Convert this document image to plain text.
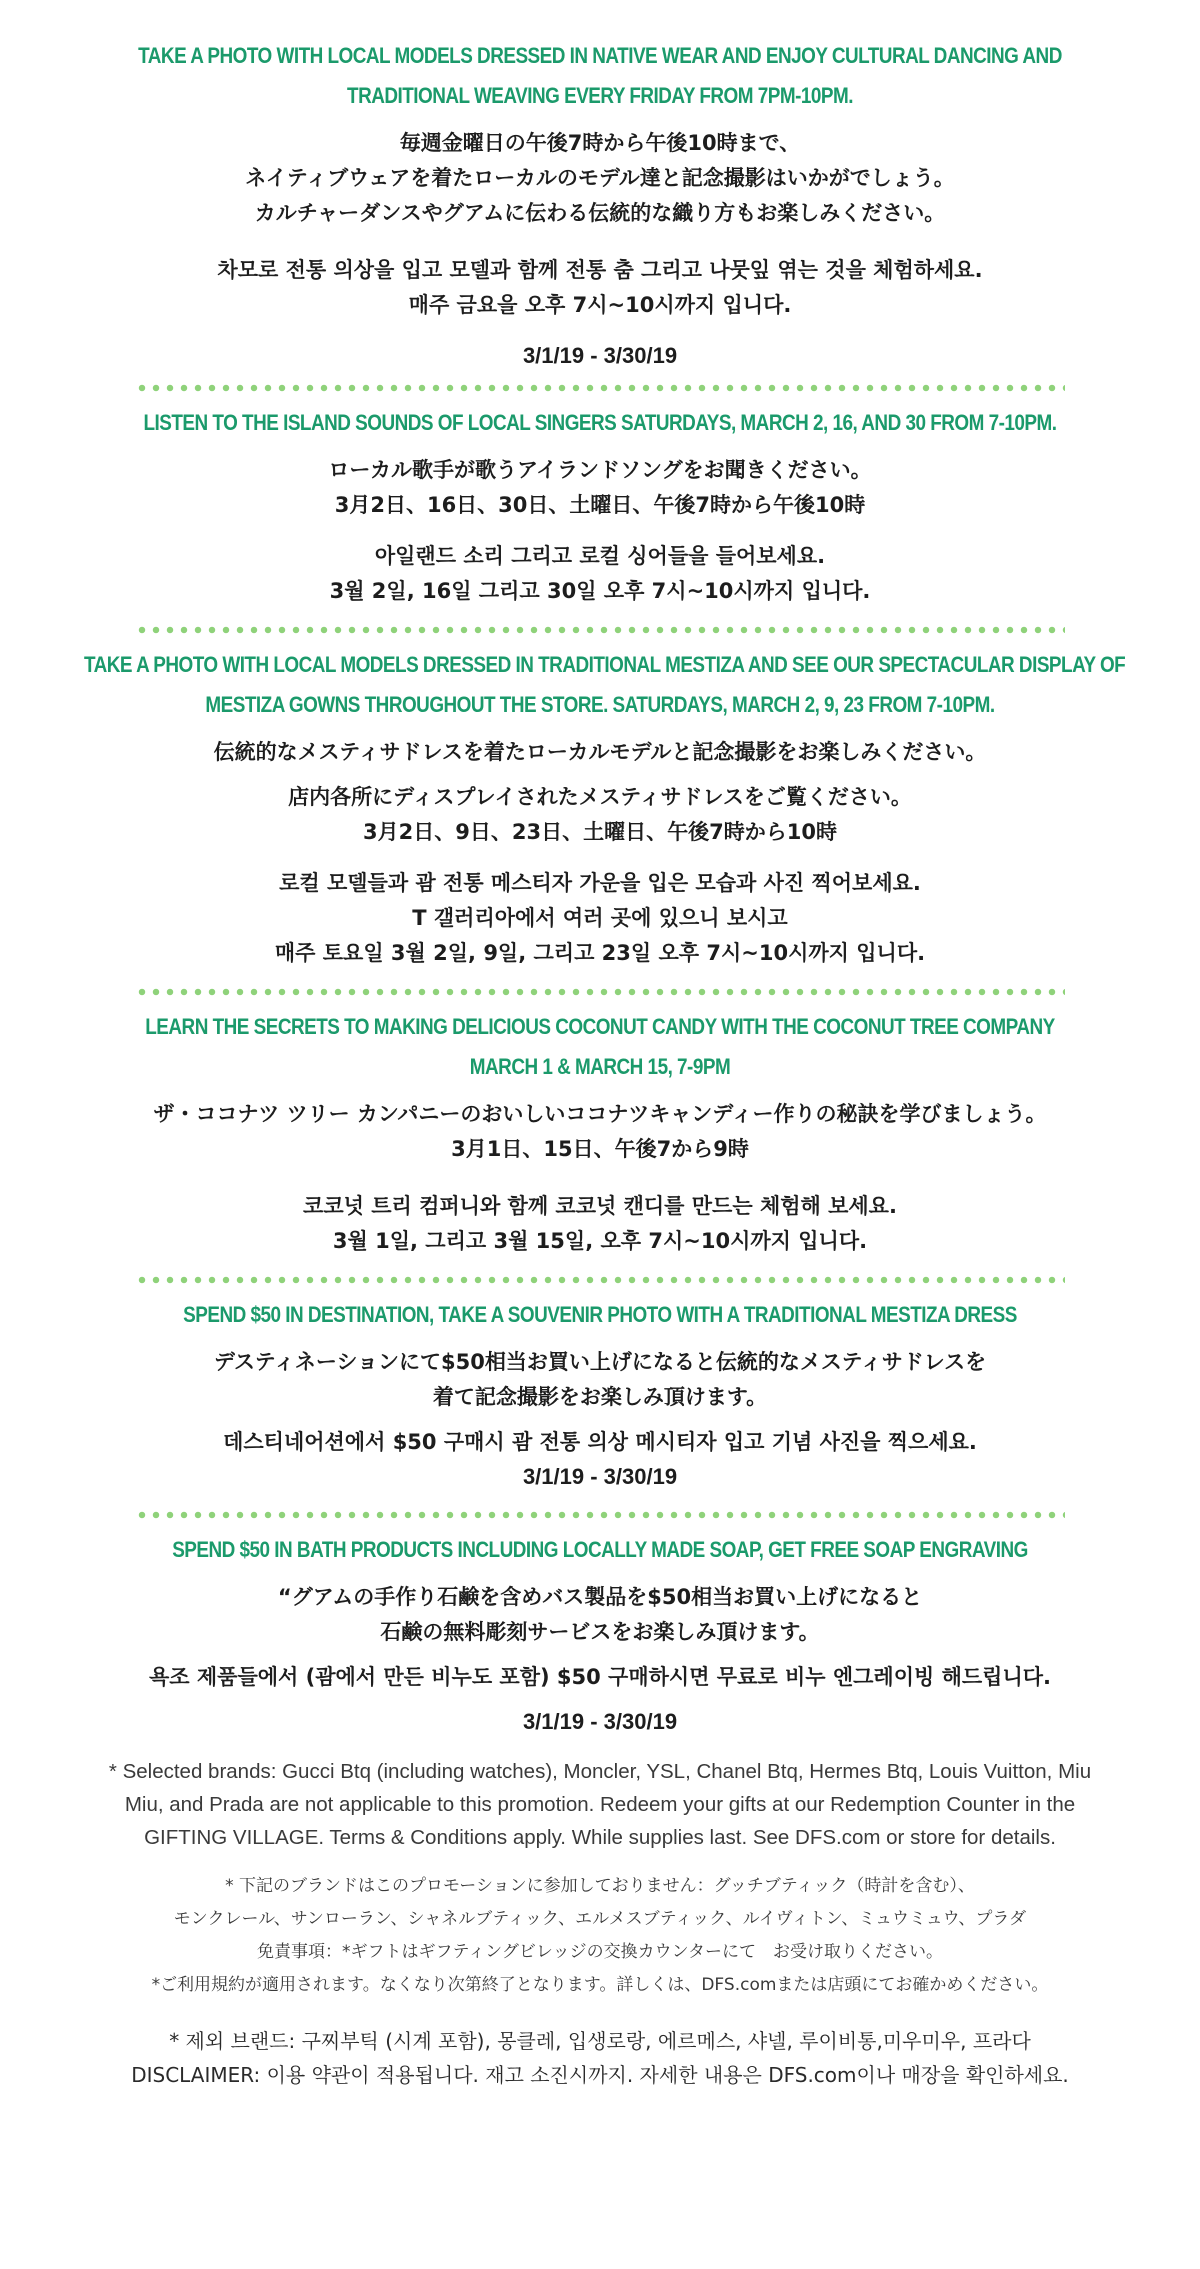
TAKE A PHOTO WITH LOCAL MODELS DRESSED IN NATIVE WEAR AND ENJOY CULTURAL DANCING AND

TRADITIONAL WEAVING EVERY FRIDAY FROM 7PM-10PM.

毎週金曜日の午後7時から午後10時まで、

ネイティブウェアを着たローカルのモデル達と記念撮影はいかがでしょう。

カルチャーダンスやグアムに伝わる伝統的な織り方もお楽しみください。

차모로 전통 의상을 입고 모델과 함께 전통 춤 그리고 나뭇잎 엮는 것을 체험하세요.

매주 금요을 오후 7시~10시까지 입니다.

3/1/19 - 3/30/19

LISTEN TO THE ISLAND SOUNDS OF LOCAL SINGERS SATURDAYS, MARCH 2, 16, AND 30 FROM 7-10PM.

ローカル歌手が歌うアイランドソングをお聞きください。

3月2日、16日、30日、土曜日、午後7時から午後10時

아일랜드 소리 그리고 로컬 싱어들을 들어보세요.

3월 2일, 16일 그리고 30일 오후 7시~10시까지 입니다.

TAKE A PHOTO WITH LOCAL MODELS DRESSED IN TRADITIONAL MESTIZA AND SEE OUR SPECTACULAR DISPLAY OF

MESTIZA GOWNS THROUGHOUT THE STORE. SATURDAYS, MARCH 2, 9, 23 FROM 7-10PM.

伝統的なメスティサドレスを着たローカルモデルと記念撮影をお楽しみください。

店内各所にディスプレイされたメスティサドレスをご覧ください。

3月2日、9日、23日、土曜日、午後7時から10時

로컬 모델들과 괌 전통 메스티자 가운을 입은 모습과 사진 찍어보세요.

T 갤러리아에서 여러 곳에 있으니 보시고

매주 토요일 3월 2일, 9일, 그리고 23일 오후 7시~10시까지 입니다.

LEARN THE SECRETS TO MAKING DELICIOUS COCONUT CANDY WITH THE COCONUT TREE COMPANY

MARCH 1 & MARCH 15, 7-9PM

ザ・ココナツ ツリー カンパニーのおいしいココナツキャンディー作りの秘訣を学びましょう。

3月1日、15日、午後7から9時

코코넛 트리 컴퍼니와 함께 코코넛 캔디를 만드는 체험해 보세요.

3월 1일, 그리고 3월 15일, 오후 7시~10시까지 입니다.

SPEND $50 IN DESTINATION, TAKE A SOUVENIR PHOTO WITH A TRADITIONAL MESTIZA DRESS

デスティネーションにて$50相当お買い上げになると伝統的なメスティサドレスを

着て記念撮影をお楽しみ頂けます。

데스티네어션에서 $50 구매시 괌 전통 의상 메시티자 입고 기념 사진을 찍으세요.

3/1/19 - 3/30/19

SPEND $50 IN BATH PRODUCTS INCLUDING LOCALLY MADE SOAP, GET FREE SOAP ENGRAVING

“グアムの手作り石鹸を含めバス製品を$50相当お買い上げになると

石鹸の無料彫刻サービスをお楽しみ頂けます。

욕조 제품들에서 (괌에서 만든 비누도 포함) $50 구매하시면 무료로 비누 엔그레이빙 해드립니다.

3/1/19 - 3/30/19

* Selected brands: Gucci Btq (including watches), Moncler, YSL, Chanel Btq, Hermes Btq, Louis Vuitton, Miu

Miu, and Prada are not applicable to this promotion. Redeem your gifts at our Redemption Counter in the

GIFTING VILLAGE. Terms & Conditions apply. While supplies last. See DFS.com or store for details.

* 下記のブランドはこのプロモーションに参加しておりません：グッチブティック（時計を含む）、

モンクレール、サンローラン、シャネルブティック、エルメスブティック、ルイヴィトン、ミュウミュウ、プラダ

免責事項：*ギフトはギフティングビレッジの交換カウンターにて　お受け取りください。

*ご利用規約が適用されます。なくなり次第終了となります。詳しくは、DFS.comまたは店頭にてお確かめください。

* 제외 브랜드: 구찌부틱 (시계 포함), 몽클레, 입생로랑, 에르메스, 샤넬, 루이비통,미우미우, 프라다

DISCLAIMER: 이용 약관이 적용됩니다. 재고 소진시까지. 자세한 내용은 DFS.com이나 매장을 확인하세요.
